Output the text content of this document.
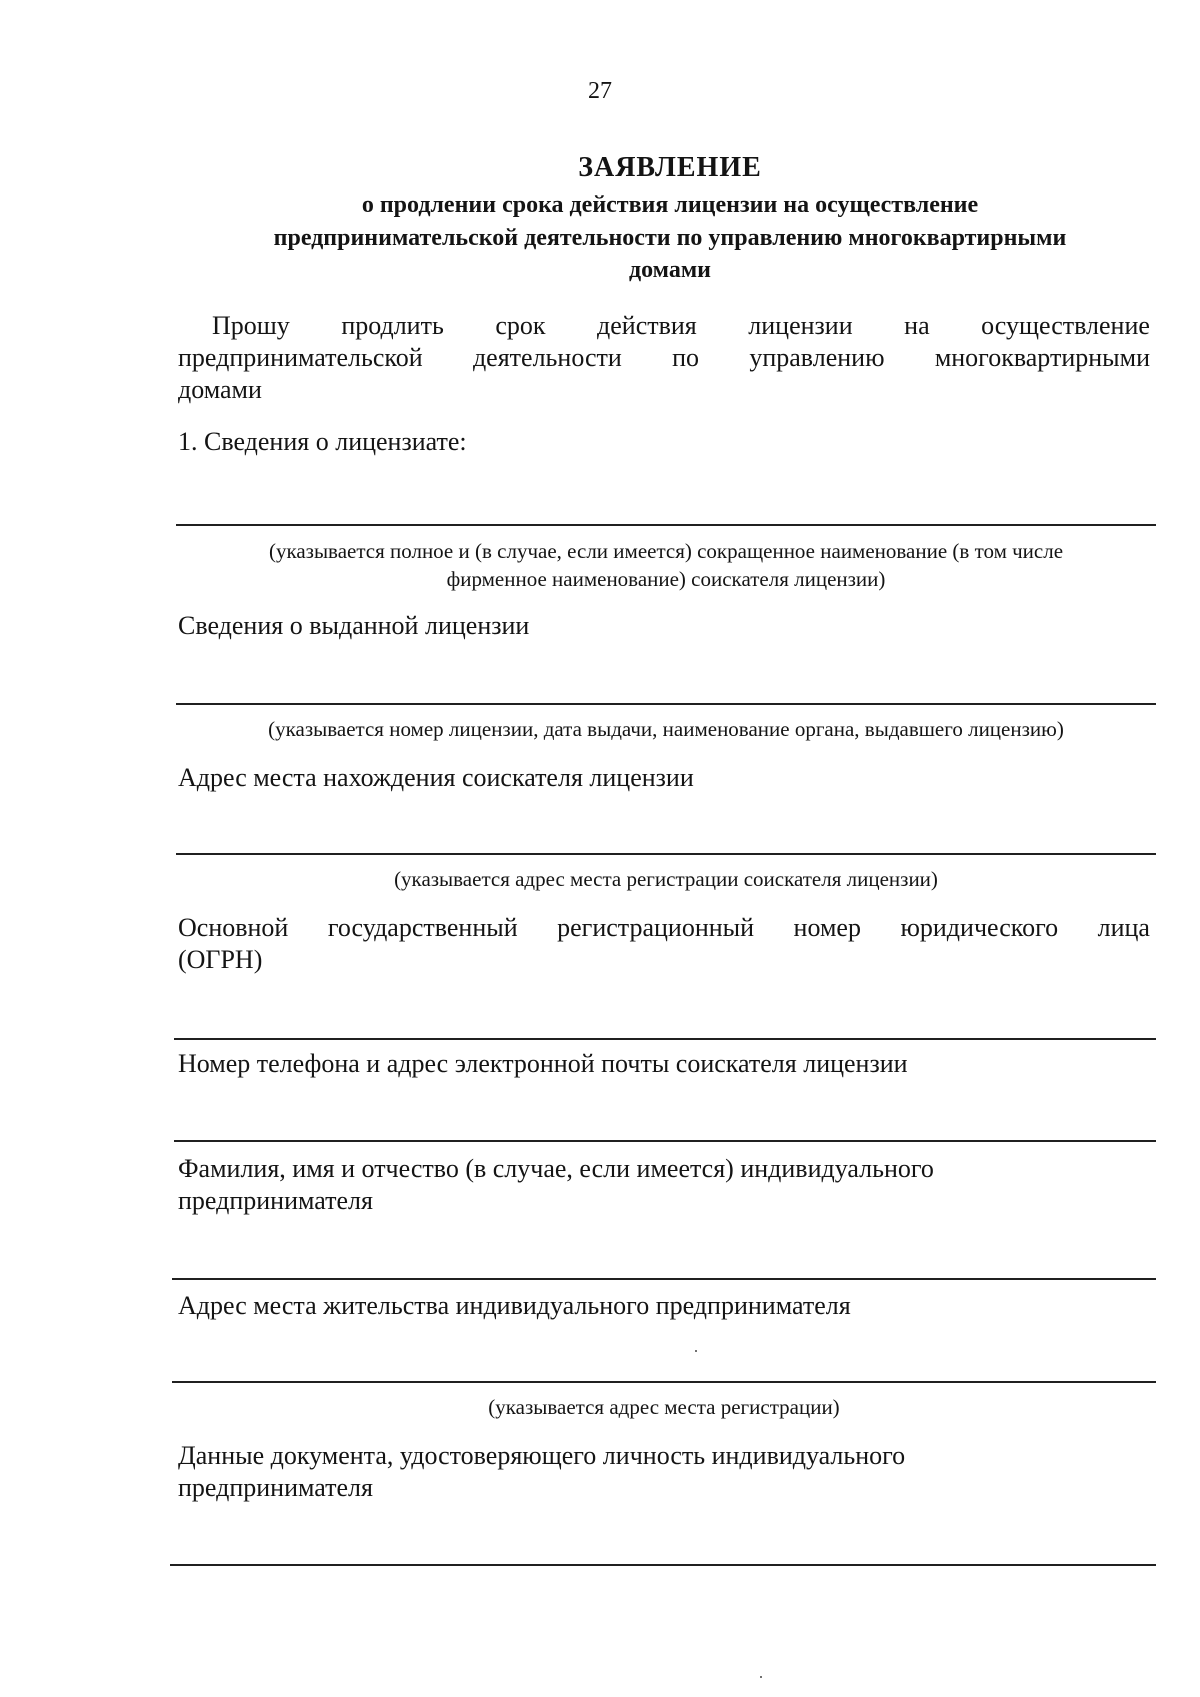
27
ЗАЯВЛЕНИЕ
о продлении срока действия лицензии на осуществление
предпринимательской деятельности по управлению многоквартирными
домами
Прошу продлить срок действия лицензии на осуществление
предпринимательской деятельности по управлению многоквартирными
домами
1. Сведения о лицензиате:
(указывается полное и (в случае, если имеется) сокращенное наименование (в том числе
фирменное наименование) соискателя лицензии)
Сведения о выданной лицензии
(указывается номер лицензии, дата выдачи, наименование органа, выдавшего лицензию)
Адрес места нахождения соискателя лицензии
(указывается адрес места регистрации соискателя лицензии)
Основной государственный регистрационный номер юридического лица
(ОГРН)
Номер телефона и адрес электронной почты соискателя лицензии
Фамилия, имя и отчество (в случае, если имеется) индивидуального
предпринимателя
Адрес места жительства индивидуального предпринимателя
(указывается адрес места регистрации)
Данные документа, удостоверяющего личность индивидуального
предпринимателя
